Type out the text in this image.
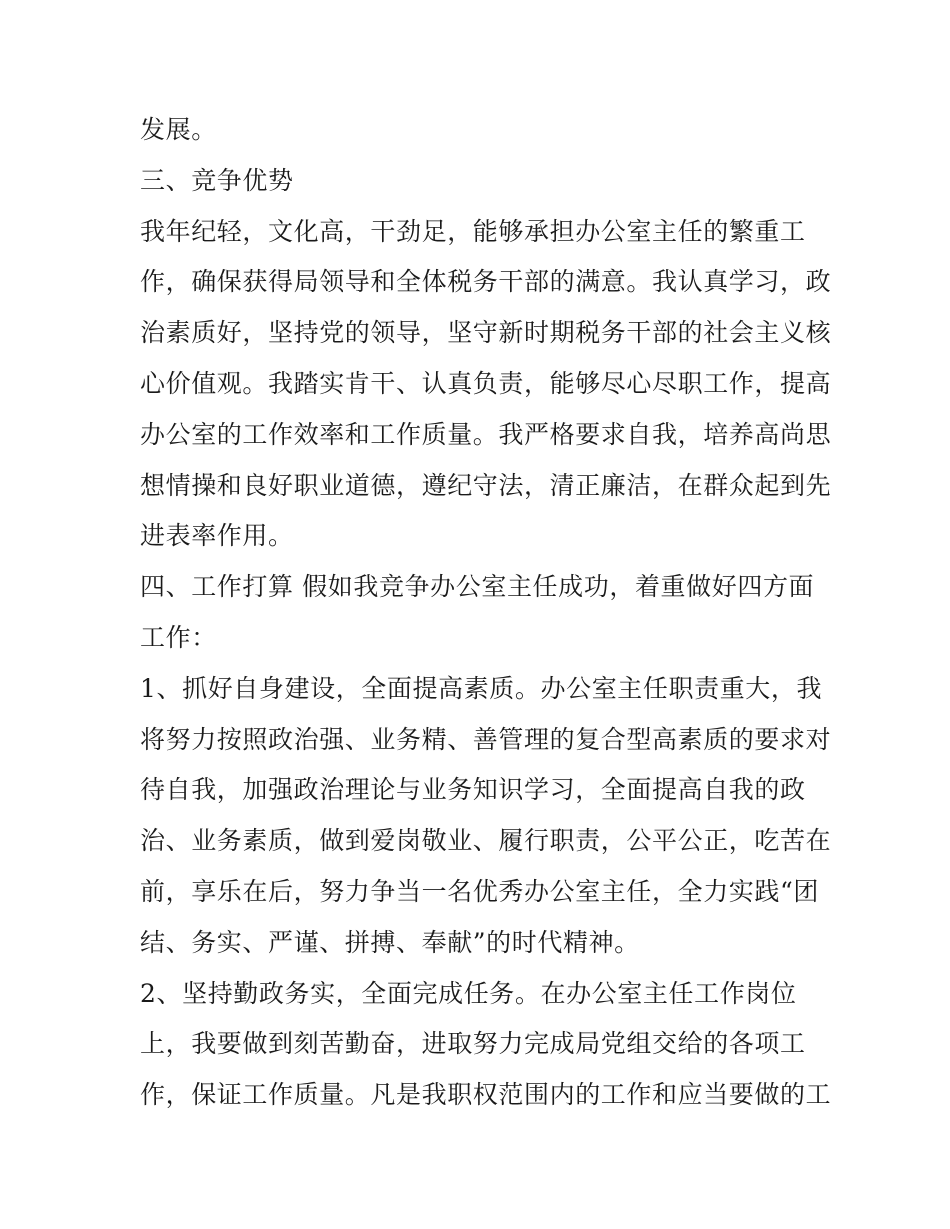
发展。
三、竞争优势
我年纪轻，文化高，干劲足，能够承担办公室主任的繁重工
作，确保获得局领导和全体税务干部的满意。我认真学习，政
治素质好，坚持党的领导，坚守新时期税务干部的社会主义核
心价值观。我踏实肯干、认真负责，能够尽心尽职工作，提高
办公室的工作效率和工作质量。我严格要求自我，培养高尚思
想情操和良好职业道德，遵纪守法，清正廉洁，在群众起到先
进表率作用。
四、工作打算 假如我竞争办公室主任成功，着重做好四方面
工作：
1、抓好自身建设，全面提高素质。办公室主任职责重大，我
将努力按照政治强、业务精、善管理的复合型高素质的要求对
待自我，加强政治理论与业务知识学习，全面提高自我的政
治、业务素质，做到爱岗敬业、履行职责，公平公正，吃苦在
前，享乐在后，努力争当一名优秀办公室主任，全力实践“团
结、务实、严谨、拼搏、奉献”的时代精神。
2、坚持勤政务实，全面完成任务。在办公室主任工作岗位
上，我要做到刻苦勤奋，进取努力完成局党组交给的各项工
作，保证工作质量。凡是我职权范围内的工作和应当要做的工
